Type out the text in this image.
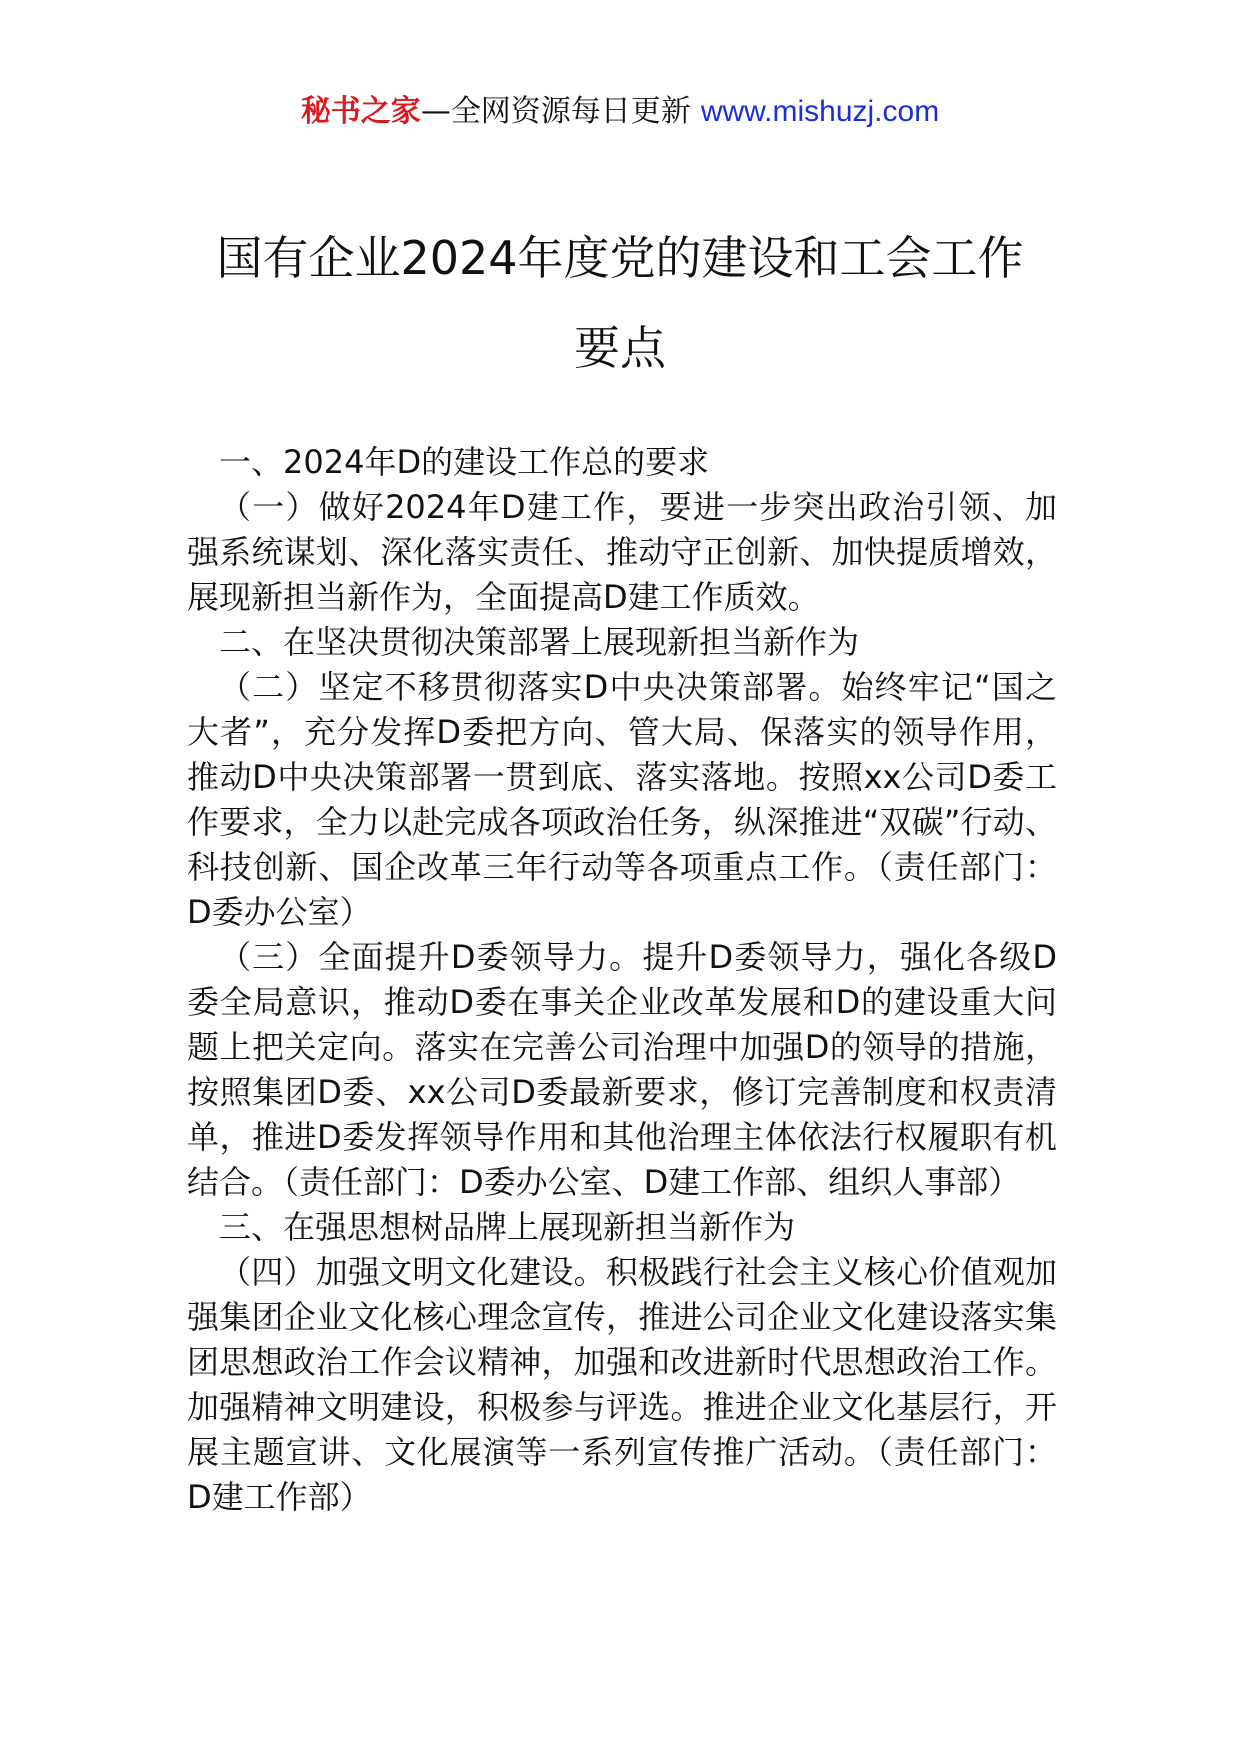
秘书之家—全网资源每日更新 www.mishuzj.com
国有企业2024年度党的建设和工会工作
要点

一、2024年D的建设工作总的要求

（一）做好2024年D建工作，要进一步突出政治引领、加强系统谋划、深化落实责任、推动守正创新、加快提质增效，展现新担当新作为，全面提高D建工作质效。

二、在坚决贯彻决策部署上展现新担当新作为

（二）坚定不移贯彻落实D中央决策部署。始终牢记“国之大者”，充分发挥D委把方向、管大局、保落实的领导作用，推动D中央决策部署一贯到底、落实落地。按照xx公司D委工作要求，全力以赴完成各项政治任务，纵深推进“双碳”行动、科技创新、国企改革三年行动等各项重点工作。（责任部门：D委办公室）

（三）全面提升D委领导力。提升D委领导力，强化各级D委全局意识，推动D委在事关企业改革发展和D的建设重大问题上把关定向。落实在完善公司治理中加强D的领导的措施，按照集团D委、xx公司D委最新要求，修订完善制度和权责清单，推进D委发挥领导作用和其他治理主体依法行权履职有机结合。（责任部门：D委办公室、D建工作部、组织人事部）

三、在强思想树品牌上展现新担当新作为

（四）加强文明文化建设。积极践行社会主义核心价值观加强集团企业文化核心理念宣传，推进公司企业文化建设落实集团思想政治工作会议精神，加强和改进新时代思想政治工作。加强精神文明建设，积极参与评选。推进企业文化基层行，开展主题宣讲、文化展演等一系列宣传推广活动。（责任部门：D建工作部）
